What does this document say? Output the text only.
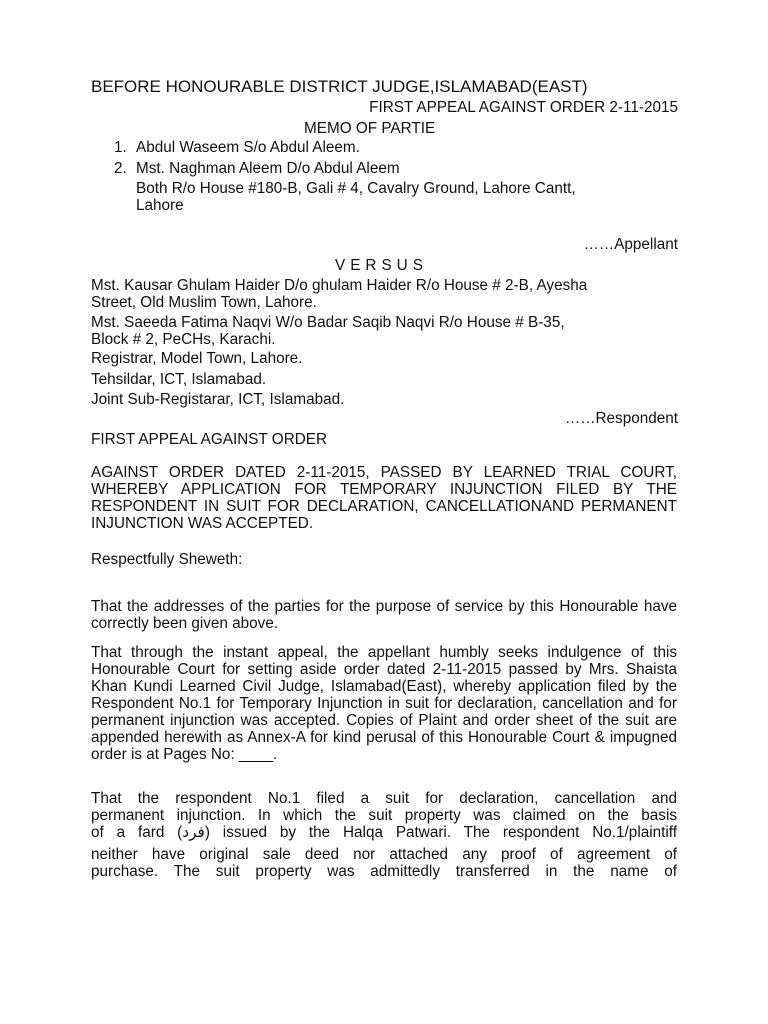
BEFORE HONOURABLE DISTRICT JUDGE,ISLAMABAD(EAST)

FIRST APPEAL AGAINST ORDER 2-11-2015

MEMO OF PARTIE

1. Abdul Waseem S/o Abdul Aleem.

2. Mst. Naghman Aleem D/o Abdul Aleem

Both R/o House #180-B, Gali # 4, Cavalry Ground, Lahore Cantt,

Lahore

……Appellant

VERSUS

Mst. Kausar Ghulam Haider D/o ghulam Haider R/o House # 2-B, Ayesha

Street, Old Muslim Town, Lahore.

Mst. Saeeda Fatima Naqvi W/o Badar Saqib Naqvi R/o House # B-35,

Block # 2, PeCHs, Karachi.

Registrar, Model Town, Lahore.

Tehsildar, ICT, Islamabad.

Joint Sub-Registarar, ICT, Islamabad.

……Respondent

FIRST APPEAL AGAINST ORDER

AGAINST ORDER DATED 2-11-2015, PASSED BY LEARNED TRIAL COURT, WHEREBY APPLICATION FOR TEMPORARY INJUNCTION FILED BY THE RESPONDENT IN SUIT FOR DECLARATION, CANCELLATIONAND PERMANENT INJUNCTION WAS ACCEPTED.

Respectfully Sheweth:

That the addresses of the parties for the purpose of service by this Honourable have correctly been given above.

That through the instant appeal, the appellant humbly seeks indulgence of this Honourable Court for setting aside order dated 2-11-2015 passed by Mrs. Shaista Khan Kundi Learned Civil Judge, Islamabad(East), whereby application filed by the Respondent No.1 for Temporary Injunction in suit for declaration, cancellation and for permanent injunction was accepted. Copies of Plaint and order sheet of the suit are appended herewith as Annex-A for kind perusal of this Honourable Court & impugned order is at Pages No: ____.

That the respondent No.1 filed a suit for declaration, cancellation and

permanent injunction. In which the suit property was claimed on the basis

of a fard (فرد) issued by the Halqa Patwari. The respondent No.1/plaintiff

neither have original sale deed nor attached any proof of agreement of

purchase. The suit property was admittedly transferred in the name of
